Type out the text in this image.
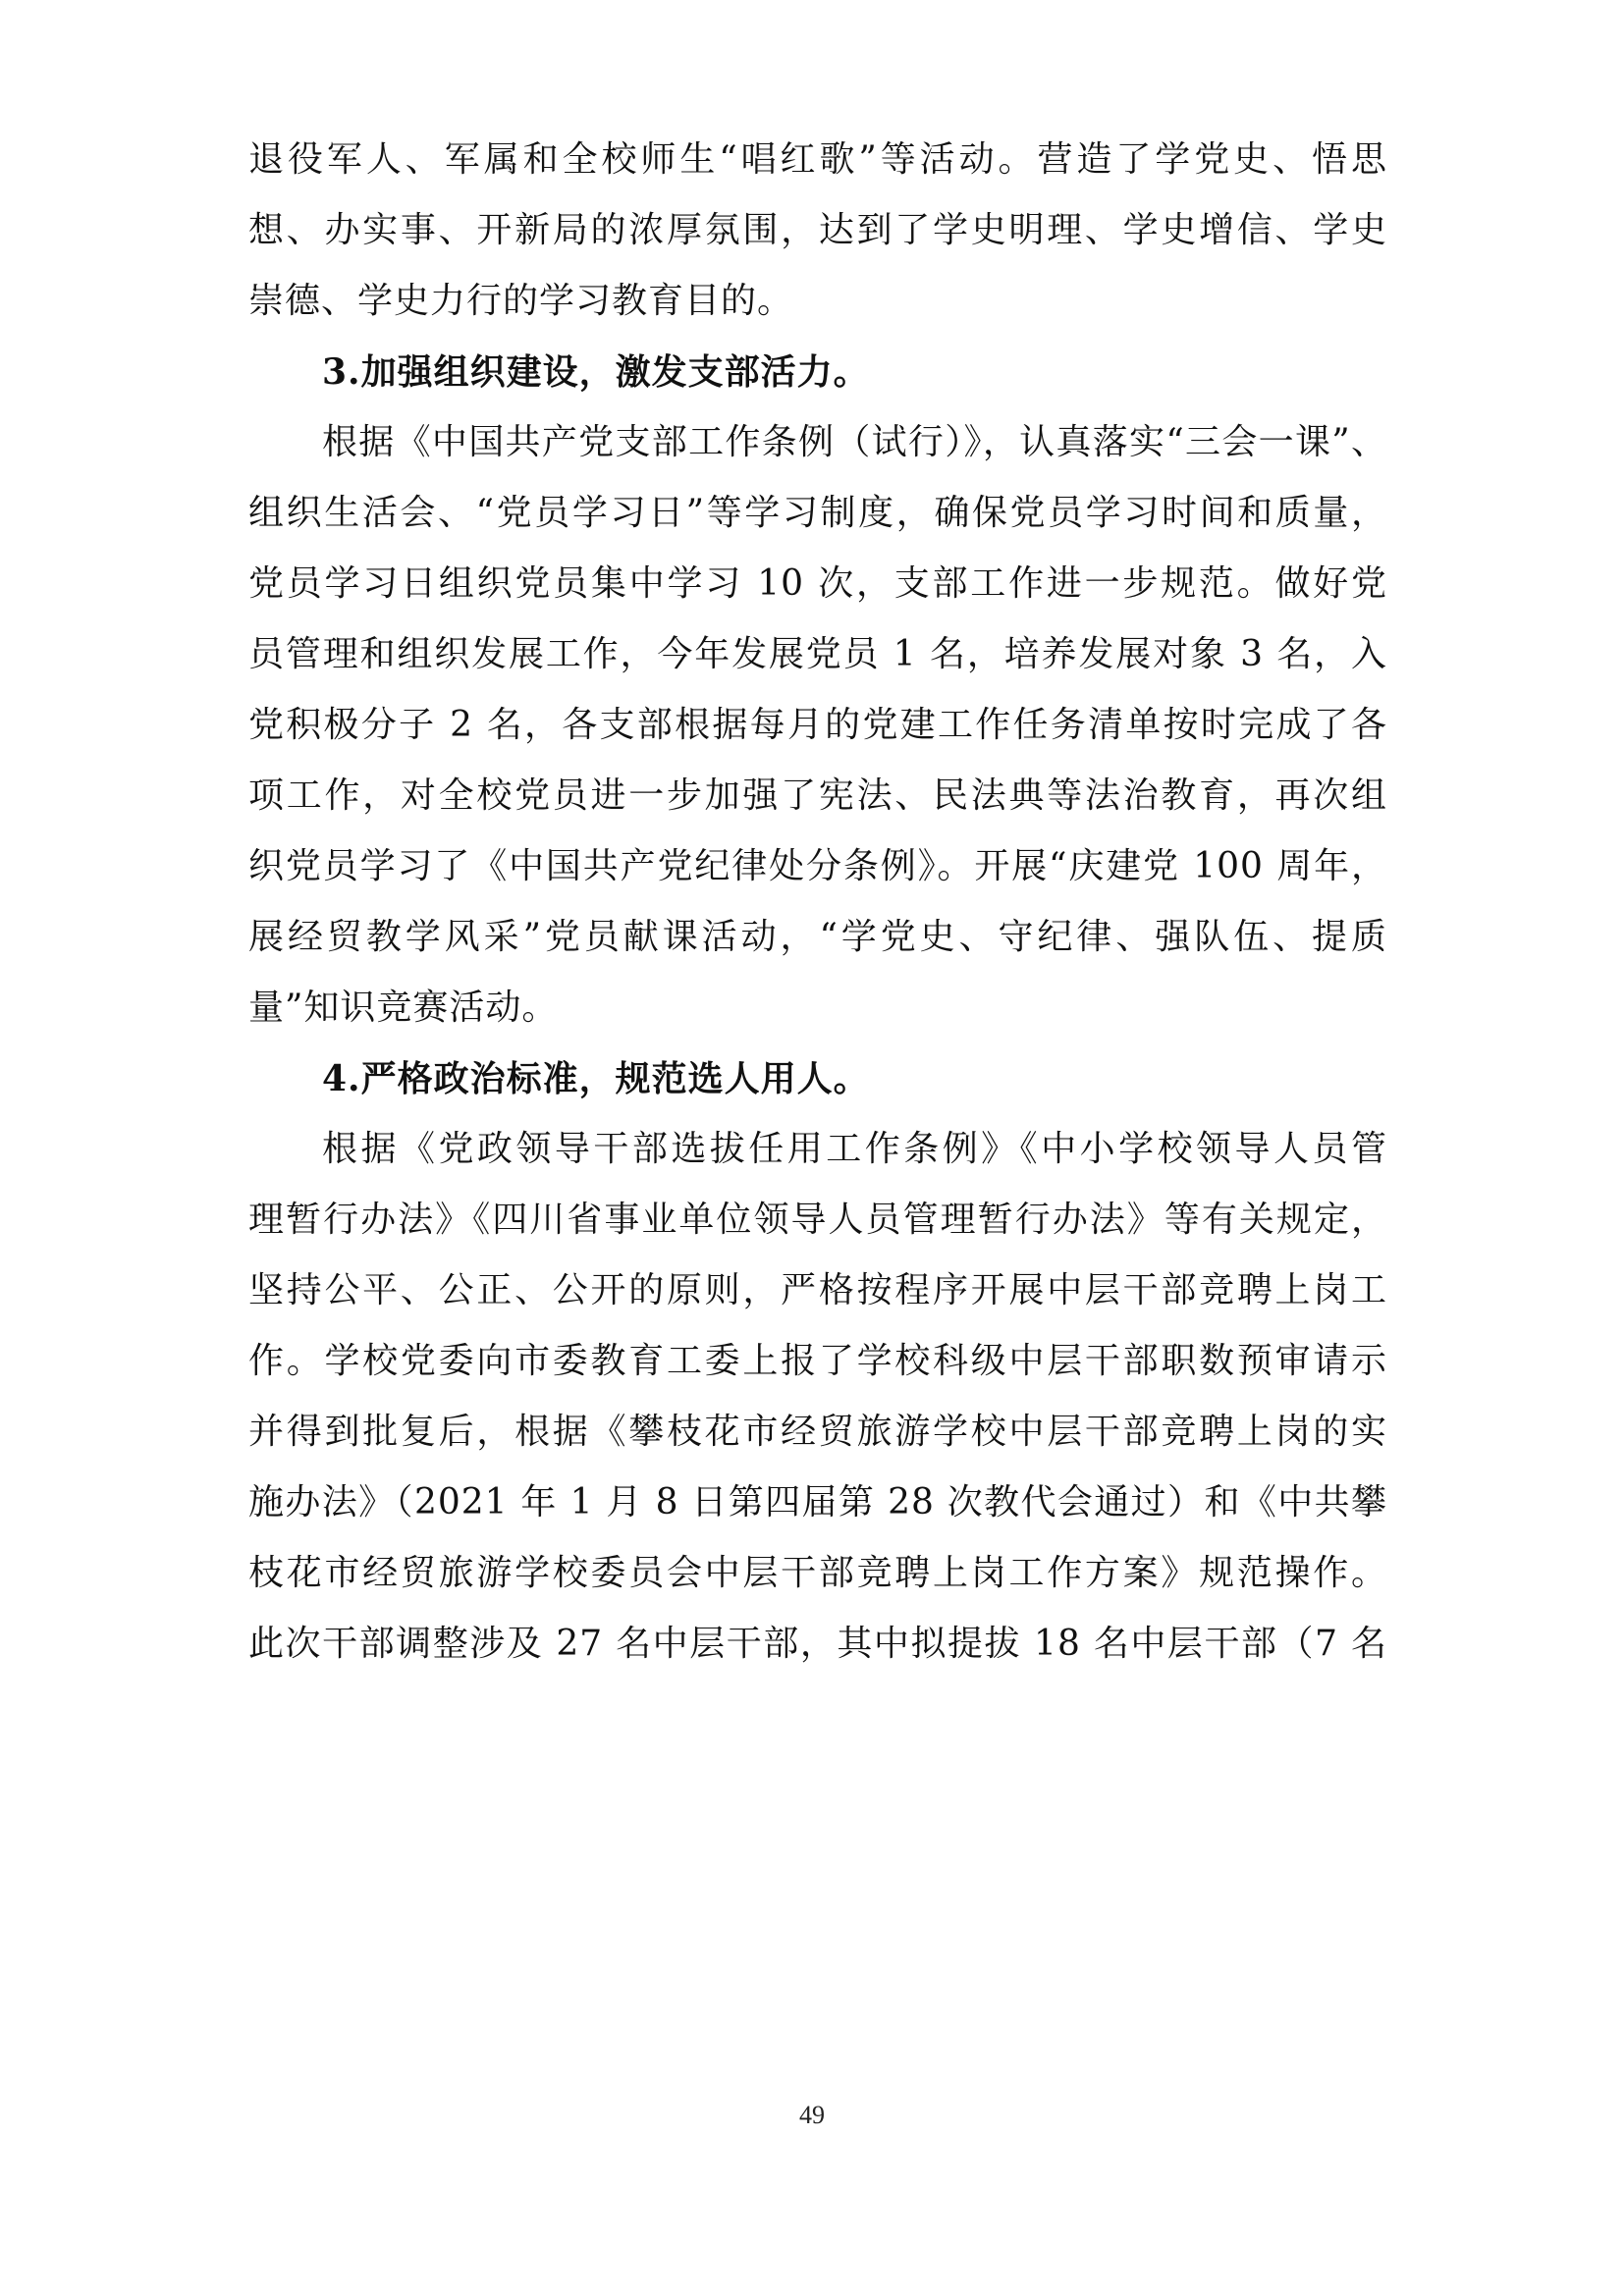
退役军人、军属和全校师生“唱红歌”等活动。营造了学党史、悟思
想、办实事、开新局的浓厚氛围，达到了学史明理、学史增信、学史
崇德、学史力行的学习教育目的。
3.加强组织建设，激发支部活力。
根据《中国共产党支部工作条例（试行）》，认真落实“三会一课”、
组织生活会、“党员学习日”等学习制度，确保党员学习时间和质量，
党员学习日组织党员集中学习 10 次，支部工作进一步规范。做好党
员管理和组织发展工作，今年发展党员 1 名，培养发展对象 3 名，入
党积极分子 2 名，各支部根据每月的党建工作任务清单按时完成了各
项工作，对全校党员进一步加强了宪法、民法典等法治教育，再次组
织党员学习了《中国共产党纪律处分条例》。开展“庆建党 100 周年，
展经贸教学风采”党员献课活动，“学党史、守纪律、强队伍、提质
量”知识竞赛活动。
4.严格政治标准，规范选人用人。
根据《党政领导干部选拔任用工作条例》《中小学校领导人员管
理暂行办法》《四川省事业单位领导人员管理暂行办法》等有关规定，
坚持公平、公正、公开的原则，严格按程序开展中层干部竞聘上岗工
作。学校党委向市委教育工委上报了学校科级中层干部职数预审请示
并得到批复后，根据《攀枝花市经贸旅游学校中层干部竞聘上岗的实
施办法》（2021 年 1 月 8 日第四届第 28 次教代会通过）和《中共攀
枝花市经贸旅游学校委员会中层干部竞聘上岗工作方案》规范操作。
此次干部调整涉及 27 名中层干部，其中拟提拔 18 名中层干部（7 名
49
